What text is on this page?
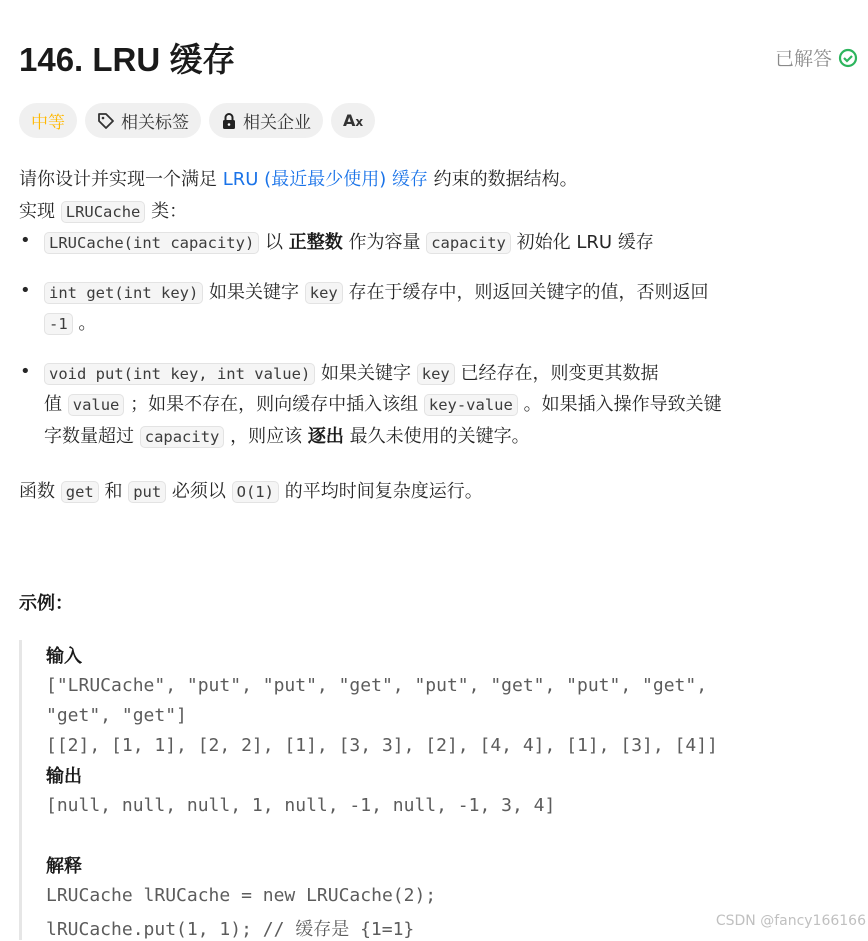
146. LRU 缓存	已解答
中等	相关标签	相关企业 Ax
请你设计并实现一个满足 LRU (最近最少使用) 缓存 约束的数据结构。
实现 LRUCache 类：
•	LRUCache(int capacity) 以 正整数 作为容量 capacity 初始化 LRU 缓存
•	int get(int key) 如果关键字 key 存在于缓存中，则返回关键字的值，否则返回
-1 。
•	void put(int key, int value) 如果关键字 key 已经存在，则变更其数据
值 value ；如果不存在，则向缓存中插入该组 key-value 。如果插入操作导致关键
字数量超过 capacity ，则应该 逐出 最久未使用的关键字。
函数 get 和 put 必须以 O(1) 的平均时间复杂度运行。
示例：
输入
["LRUCache", "put", "put", "get", "put", "get", "put", "get",
"get", "get"]
[[2], [1, 1], [2, 2], [1], [3, 3], [2], [4, 4], [1], [3], [4]]
输出
[null, null, null, 1, null, -1, null, -1, 3, 4]
解释
LRUCache lRUCache = new LRUCache(2);
lRUCache.put(1, 1); // 缓存是 {1=1}	CSDN @fancy166166
